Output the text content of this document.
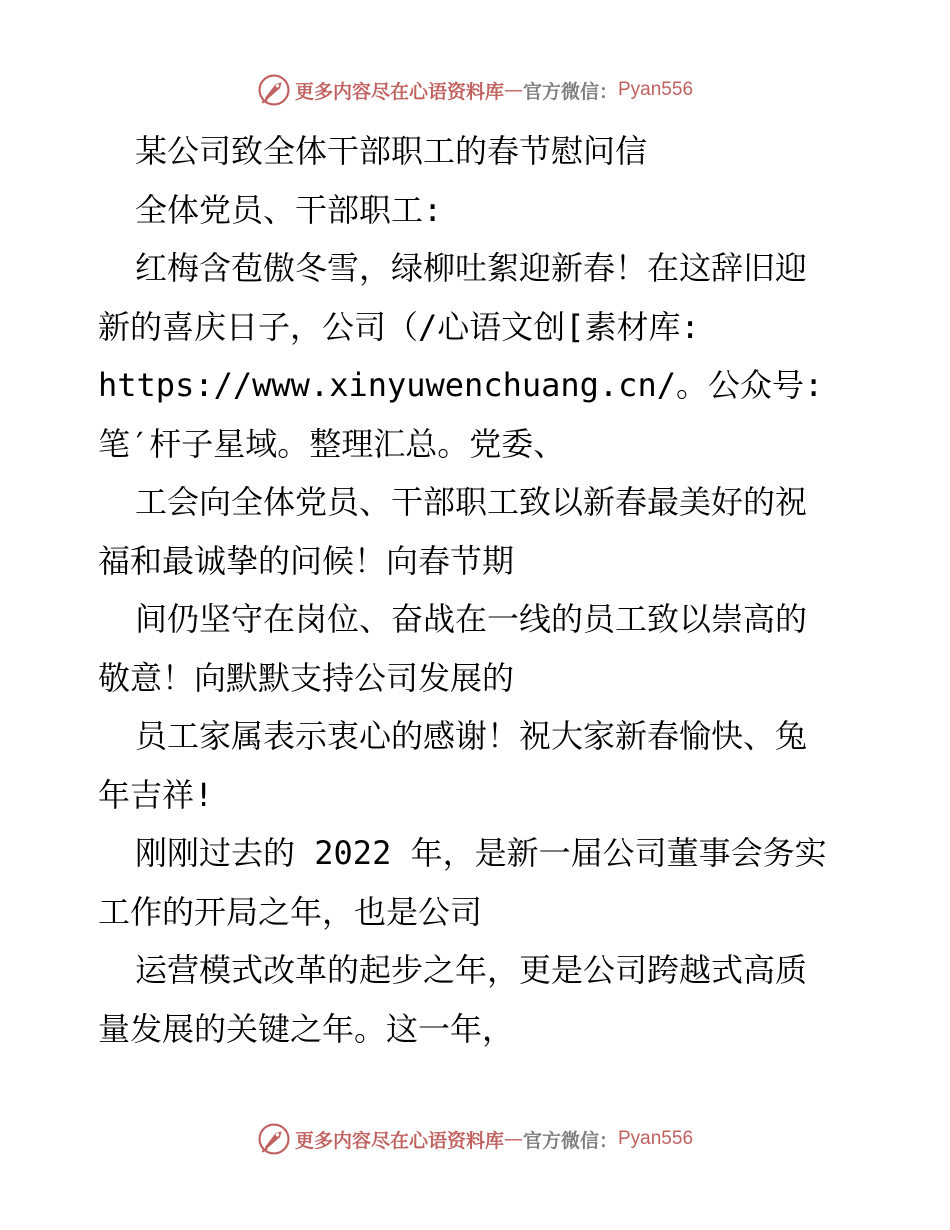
更多内容尽在心语资料库 — 官方微信： Pyan556
某公司致全体干部职工的春节慰问信
全体党员、干部职工:
红梅含苞傲冬雪，绿柳吐絮迎新春！在这辞旧迎
新的喜庆日子，公司（/心语文创[素材库:
https://www.xinyuwenchuang.cn/。公众号:
笔′杆子星域。整理汇总。党委、
工会向全体党员、干部职工致以新春最美好的祝
福和最诚挚的问候！向春节期
间仍坚守在岗位、奋战在一线的员工致以崇高的
敬意！向默默支持公司发展的
员工家属表示衷心的感谢！祝大家新春愉快、兔
年吉祥!
刚刚过去的 2022 年，是新一届公司董事会务实
工作的开局之年，也是公司
运营模式改革的起步之年，更是公司跨越式高质
量发展的关键之年。这一年，
更多内容尽在心语资料库 — 官方微信： Pyan556
